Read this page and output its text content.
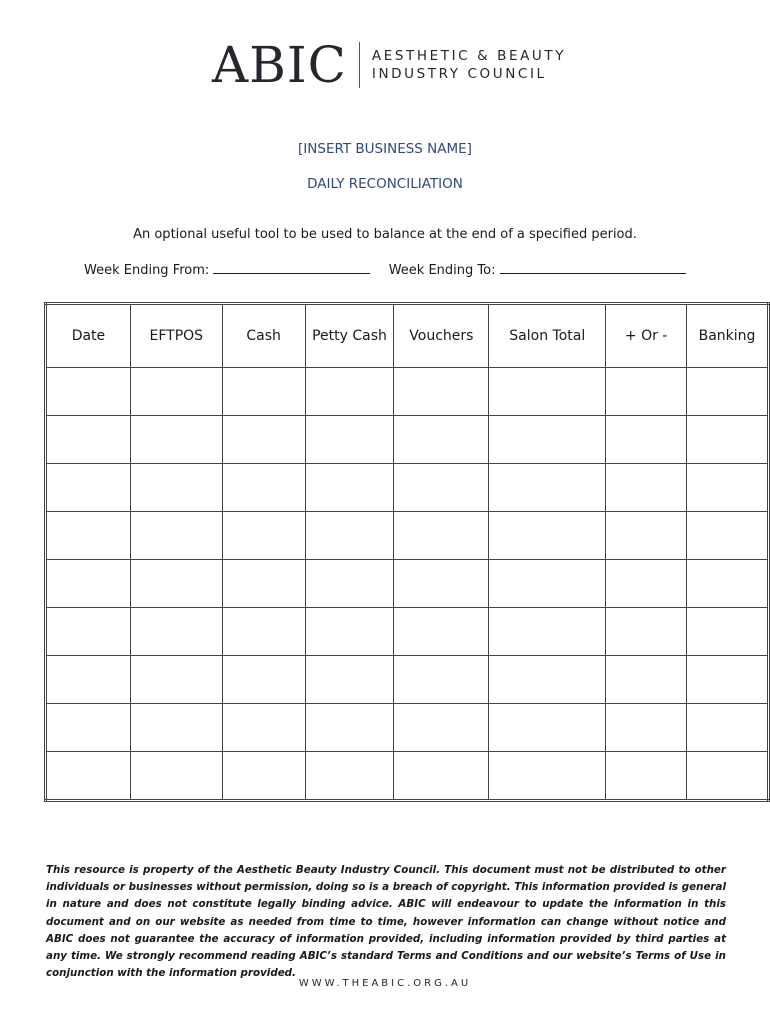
ABIC AESTHETIC & BEAUTY
INDUSTRY COUNCIL
[INSERT BUSINESS NAME]
DAILY RECONCILIATION
An optional useful tool to be used to balance at the end of a specified period.
Week Ending From:	Week Ending To:
Date	EFTPOS	Cash	Petty Cash	Vouchers	Salon Total	+ Or -	Banking

This resource is property of the Aesthetic Beauty Industry Council. This document must not be distributed to other individuals or businesses without permission, doing so is a breach of copyright. This information provided is general in nature and does not constitute legally binding advice. ABIC will endeavour to update the information in this document and on our website as needed from time to time, however information can change without notice and ABIC does not guarantee the accuracy of information provided, including information provided by third parties at any time. We strongly recommend reading ABIC’s standard Terms and Conditions and our website’s Terms of Use in conjunction with the information provided.
WWW.THEABIC.ORG.AU
